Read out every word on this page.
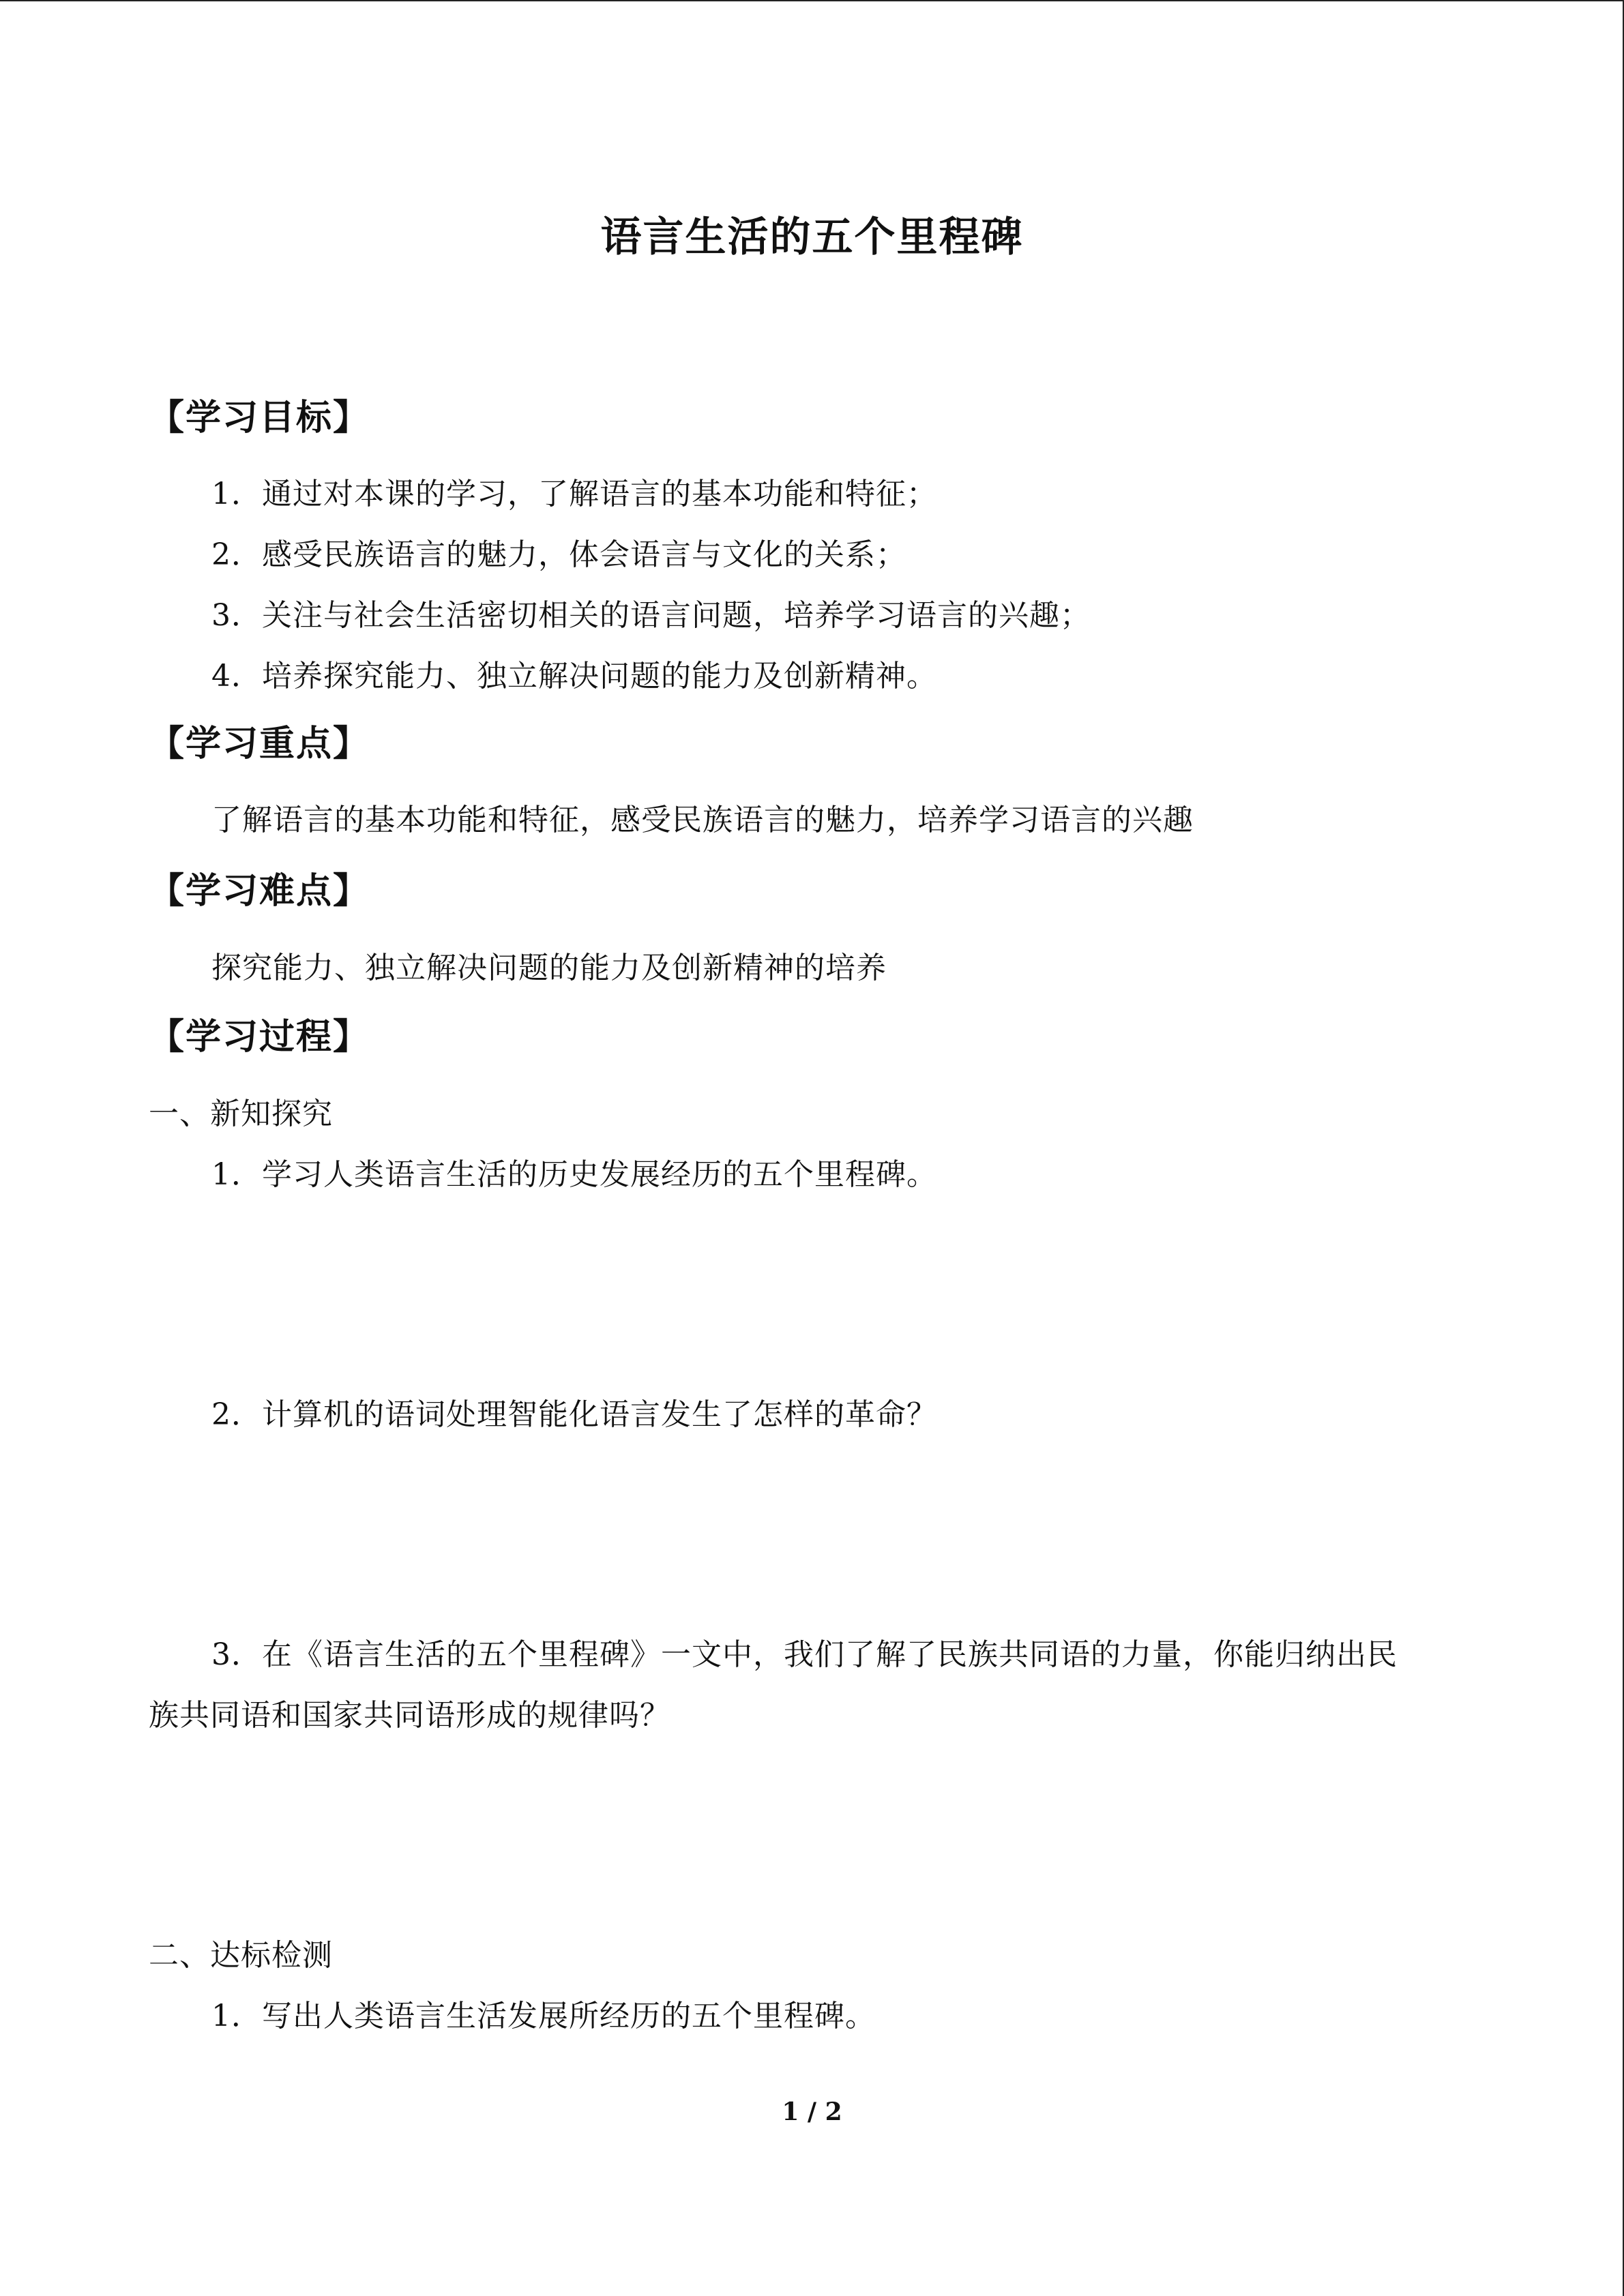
语言生活的五个里程碑
【学习目标】
1．通过对本课的学习，了解语言的基本功能和特征；
2．感受民族语言的魅力，体会语言与文化的关系；
3．关注与社会生活密切相关的语言问题，培养学习语言的兴趣；
4．培养探究能力、独立解决问题的能力及创新精神。
【学习重点】
了解语言的基本功能和特征，感受民族语言的魅力，培养学习语言的兴趣
【学习难点】
探究能力、独立解决问题的能力及创新精神的培养
【学习过程】
一、新知探究
1．学习人类语言生活的历史发展经历的五个里程碑。
2．计算机的语词处理智能化语言发生了怎样的革命？
3．在《语言生活的五个里程碑》一文中，我们了解了民族共同语的力量，你能归纳出民
族共同语和国家共同语形成的规律吗？
二、达标检测
1．写出人类语言生活发展所经历的五个里程碑。
1 / 2
